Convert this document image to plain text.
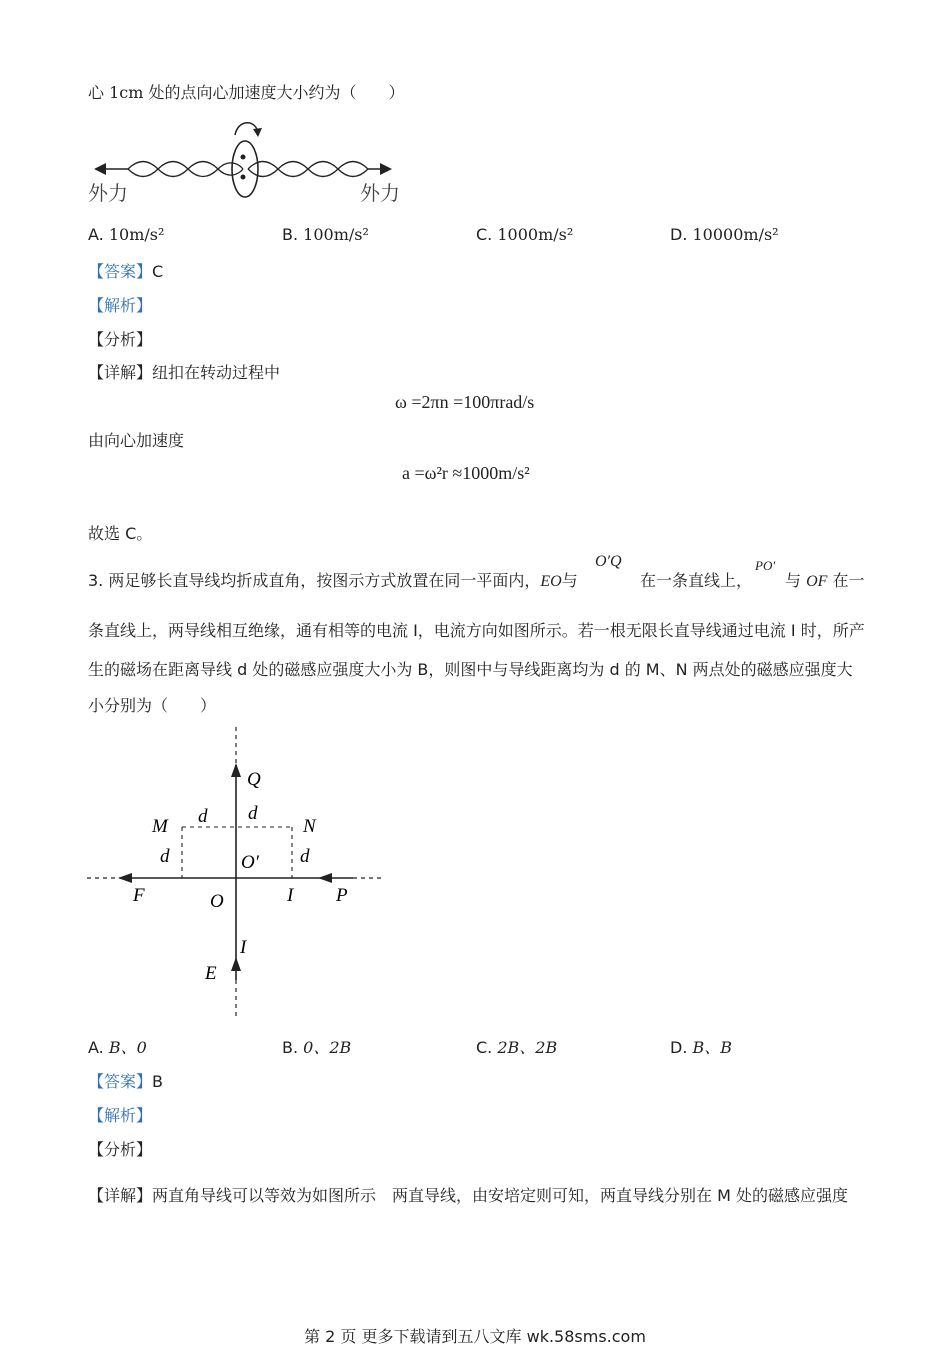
心 1cm 处的点向心加速度大小约为（　　）
外力	外力
A. 10m/s²	B. 100m/s²	C. 1000m/s²	D. 10000m/s²
【答案】C
【解析】
【分析】
【详解】纽扣在转动过程中
ω =2πn =100πrad/s
由向心加速度
a =ω²r ≈1000m/s²
故选 C。
3. 两足够长直导线均折成直角，按图示方式放置在同一平面内，EO与
O′Q
在一条直线上，
PO′
与 OF 在一
条直线上，两导线相互绝缘，通有相等的电流 I，电流方向如图所示。若一根无限长直导线通过电流 I 时，所产
生的磁场在距离导线 d 处的磁感应强度大小为 B，则图中与导线距离均为 d 的 M、N 两点处的磁感应强度大
小分别为（　　）
Q
M	N
d d
d	d
O′
F	O	I P
I
E
A. B、0	B. 0、2B	C. 2B、2B	D. B、B
【答案】B
【解析】
【分析】
【详解】两直角导线可以等效为如图所示　两直导线，由安培定则可知，两直导线分别在 M 处的磁感应强度
第 2 页 更多下载请到五八文库 wk.58sms.com
